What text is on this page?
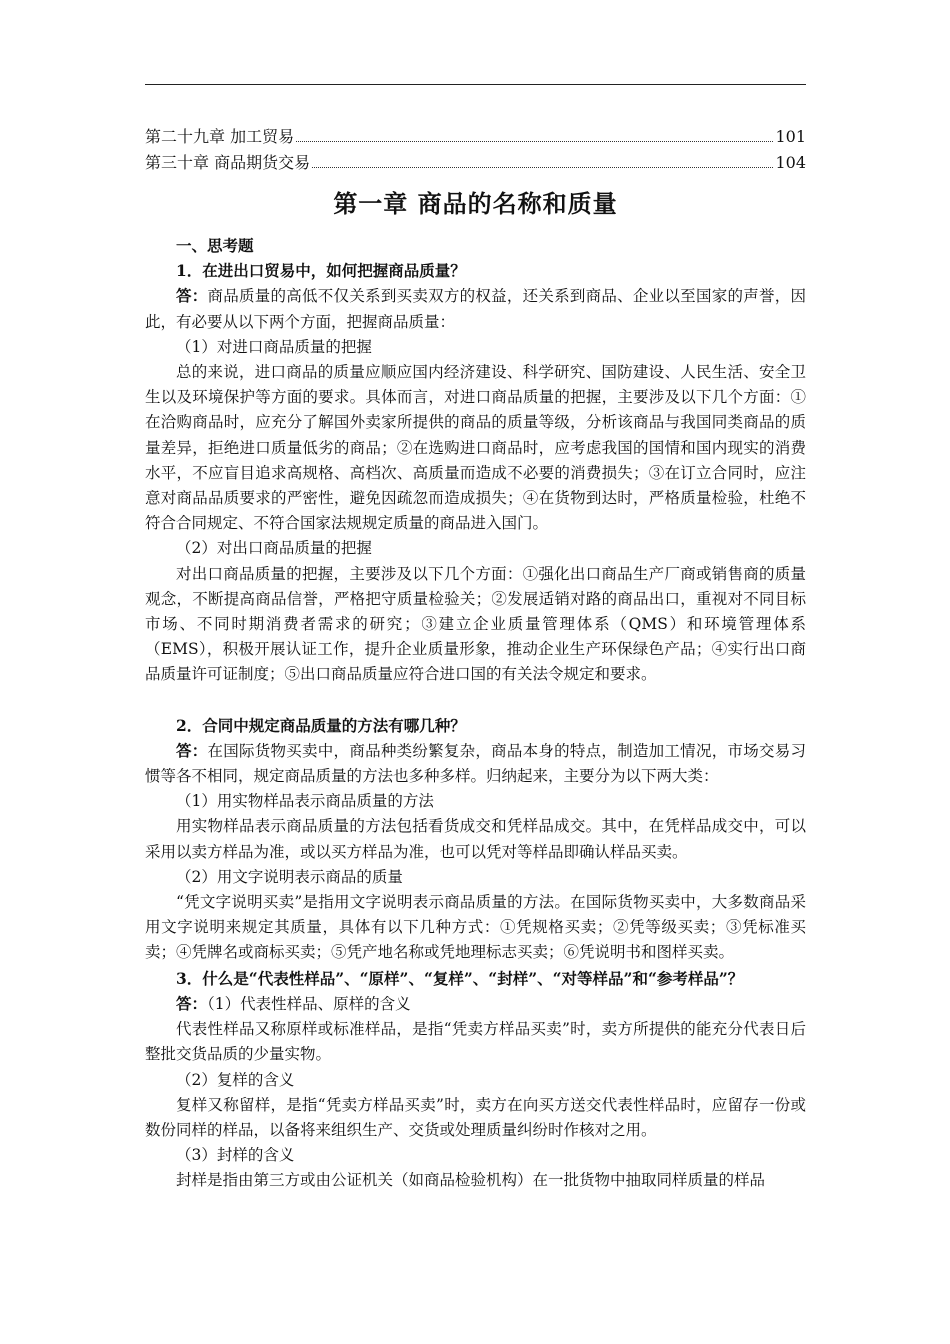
第二十九章 加工贸易	101
第三十章 商品期货交易	104
第一章 商品的名称和质量

一、思考题

1．在进出口贸易中，如何把握商品质量？

答：商品质量的高低不仅关系到买卖双方的权益，还关系到商品、企业以至国家的声誉，因此，有必要从以下两个方面，把握商品质量：

（1）对进口商品质量的把握

总的来说，进口商品的质量应顺应国内经济建设、科学研究、国防建设、人民生活、安全卫生以及环境保护等方面的要求。具体而言，对进口商品质量的把握，主要涉及以下几个方面：①在洽购商品时，应充分了解国外卖家所提供的商品的质量等级，分析该商品与我国同类商品的质量差异，拒绝进口质量低劣的商品；②在选购进口商品时，应考虑我国的国情和国内现实的消费水平，不应盲目追求高规格、高档次、高质量而造成不必要的消费损失；③在订立合同时，应注意对商品品质要求的严密性，避免因疏忽而造成损失；④在货物到达时，严格质量检验，杜绝不符合合同规定、不符合国家法规规定质量的商品进入国门。

（2）对出口商品质量的把握

对出口商品质量的把握，主要涉及以下几个方面：①强化出口商品生产厂商或销售商的质量观念，不断提高商品信誉，严格把守质量检验关；②发展适销对路的商品出口，重视对不同目标市场、不同时期消费者需求的研究；③建立企业质量管理体系（QMS）和环境管理体系（EMS），积极开展认证工作，提升企业质量形象，推动企业生产环保绿色产品；④实行出口商品质量许可证制度；⑤出口商品质量应符合进口国的有关法令规定和要求。

2．合同中规定商品质量的方法有哪几种？

答：在国际货物买卖中，商品种类纷繁复杂，商品本身的特点，制造加工情况，市场交易习惯等各不相同，规定商品质量的方法也多种多样。归纳起来，主要分为以下两大类：

（1）用实物样品表示商品质量的方法

用实物样品表示商品质量的方法包括看货成交和凭样品成交。其中，在凭样品成交中，可以采用以卖方样品为准，或以买方样品为准，也可以凭对等样品即确认样品买卖。

（2）用文字说明表示商品的质量

“凭文字说明买卖”是指用文字说明表示商品质量的方法。在国际货物买卖中，大多数商品采用文字说明来规定其质量，具体有以下几种方式：①凭规格买卖；②凭等级买卖；③凭标准买卖；④凭牌名或商标买卖；⑤凭产地名称或凭地理标志买卖；⑥凭说明书和图样买卖。

3．什么是“代表性样品”、“原样”、“复样”、“封样”、“对等样品”和“参考样品”？

答：（1）代表性样品、原样的含义

代表性样品又称原样或标准样品，是指“凭卖方样品买卖”时，卖方所提供的能充分代表日后整批交货品质的少量实物。

（2）复样的含义

复样又称留样，是指“凭卖方样品买卖”时，卖方在向买方送交代表性样品时，应留存一份或数份同样的样品，以备将来组织生产、交货或处理质量纠纷时作核对之用。

（3）封样的含义

封样是指由第三方或由公证机关（如商品检验机构）在一批货物中抽取同样质量的样品
